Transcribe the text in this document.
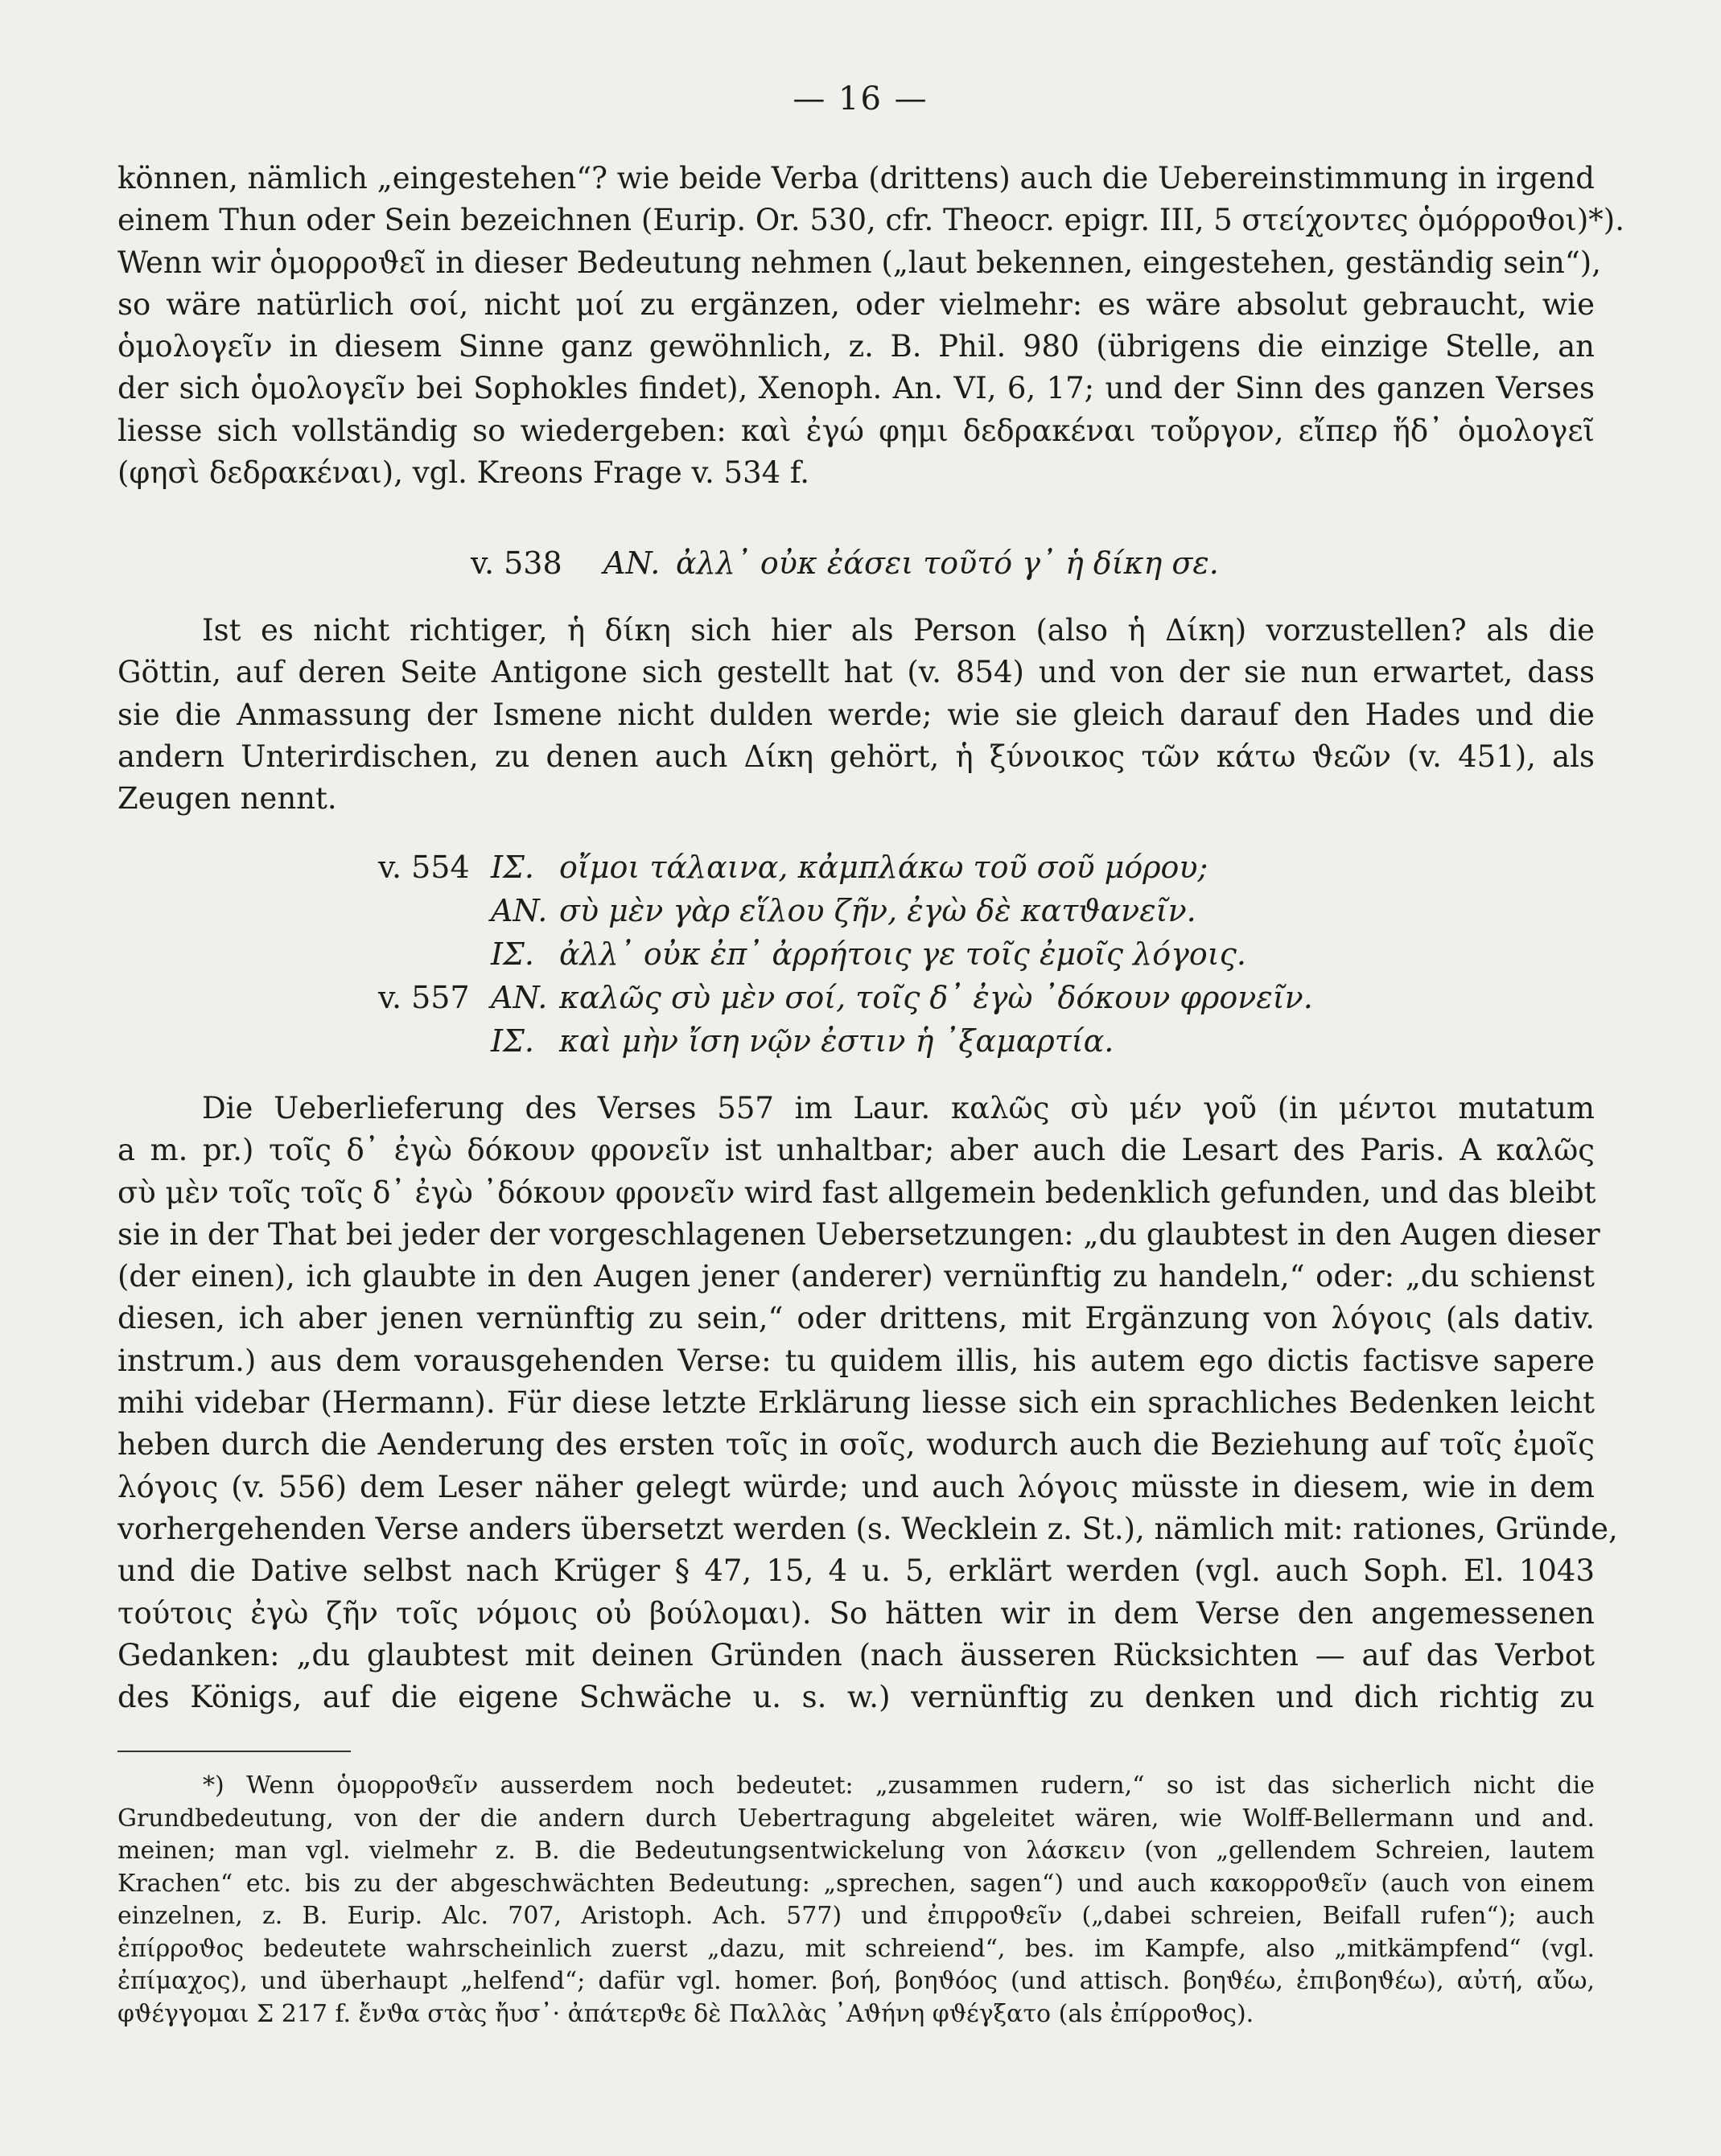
— 16 —

können, nämlich „eingestehen“? wie beide Verba (drittens) auch die Uebereinstimmung in irgend
einem Thun oder Sein bezeichnen (Eurip. Or. 530, cfr. Theocr. epigr. III, 5 στείχοντες ὁμόρροϑοι)*).
Wenn wir ὁμορροϑεῖ in dieser Bedeutung nehmen („laut bekennen, eingestehen, geständig sein“),
so wäre natürlich σοί, nicht μοί zu ergänzen, oder vielmehr: es wäre absolut gebraucht, wie
ὁμολογεῖν in diesem Sinne ganz gewöhnlich, z. B. Phil. 980 (übrigens die einzige Stelle, an
der sich ὁμολογεῖν bei Sophokles findet), Xenoph. An. VI, 6, 17; und der Sinn des ganzen Verses
liesse sich vollständig so wiedergeben: καὶ ἐγώ φημι δεδρακέναι τοὔργον, εἴπερ ἥδ᾽ ὁμολογεῖ
(φησὶ δεδρακέναι), vgl. Kreons Frage v. 534 f.

v. 538 AN. ἀλλ᾽ οὐκ ἐάσει τοῦτό γ᾽ ἡ δίκη σε.

Ist es nicht richtiger, ἡ δίκη sich hier als Person (also ἡ Δίκη) vorzustellen? als die
Göttin, auf deren Seite Antigone sich gestellt hat (v. 854) und von der sie nun erwartet, dass
sie die Anmassung der Ismene nicht dulden werde; wie sie gleich darauf den Hades und die
andern Unterirdischen, zu denen auch Δίκη gehört, ἡ ξύνοικος τῶν κάτω ϑεῶν (v. 451), als
Zeugen nennt.

v. 554 IΣ. οἴμοι τάλαινα, κἀμπλάκω τοῦ σοῦ μόρου;
AN. σὺ μὲν γὰρ εἵλου ζῆν, ἐγὼ δὲ κατϑανεῖν.
IΣ. ἀλλ᾽ οὐκ ἐπ᾽ ἀρρήτοις γε τοῖς ἐμοῖς λόγοις.
v. 557 AN. καλῶς σὺ μὲν σοί, τοῖς δ᾽ ἐγὼ ᾿δόκουν φρονεῖν.
IΣ. καὶ μὴν ἴση νῷν ἐστιν ἡ ᾿ξαμαρτία.

Die Ueberlieferung des Verses 557 im Laur. καλῶς σὺ μέν γοῦ (in μέντοι mutatum
a m. pr.) τοῖς δ᾽ ἐγὼ δόκουν φρονεῖν ist unhaltbar; aber auch die Lesart des Paris. A καλῶς
σὺ μὲν τοῖς τοῖς δ᾽ ἐγὼ ᾿δόκουν φρονεῖν wird fast allgemein bedenklich gefunden, und das bleibt
sie in der That bei jeder der vorgeschlagenen Uebersetzungen: „du glaubtest in den Augen dieser
(der einen), ich glaubte in den Augen jener (anderer) vernünftig zu handeln,“ oder: „du schienst
diesen, ich aber jenen vernünftig zu sein,“ oder drittens, mit Ergänzung von λόγοις (als dativ.
instrum.) aus dem vorausgehenden Verse: tu quidem illis, his autem ego dictis factisve sapere
mihi videbar (Hermann). Für diese letzte Erklärung liesse sich ein sprachliches Bedenken leicht
heben durch die Aenderung des ersten τοῖς in σοῖς, wodurch auch die Beziehung auf τοῖς ἐμοῖς
λόγοις (v. 556) dem Leser näher gelegt würde; und auch λόγοις müsste in diesem, wie in dem
vorhergehenden Verse anders übersetzt werden (s. Wecklein z. St.), nämlich mit: rationes, Gründe,
und die Dative selbst nach Krüger § 47, 15, 4 u. 5, erklärt werden (vgl. auch Soph. El. 1043
τούτοις ἐγὼ ζῆν τοῖς νόμοις οὐ βούλομαι). So hätten wir in dem Verse den angemessenen
Gedanken: „du glaubtest mit deinen Gründen (nach äusseren Rücksichten — auf das Verbot
des Königs, auf die eigene Schwäche u. s. w.) vernünftig zu denken und dich richtig zu

*) Wenn ὁμορροϑεῖν ausserdem noch bedeutet: „zusammen rudern,“ so ist das sicherlich nicht die
Grundbedeutung, von der die andern durch Uebertragung abgeleitet wären, wie Wolff-Bellermann und and.
meinen; man vgl. vielmehr z. B. die Bedeutungsentwickelung von λάσκειν (von „gellendem Schreien, lautem
Krachen“ etc. bis zu der abgeschwächten Bedeutung: „sprechen, sagen“) und auch κακορροϑεῖν (auch von einem
einzelnen, z. B. Eurip. Alc. 707, Aristoph. Ach. 577) und ἐπιρροϑεῖν („dabei schreien, Beifall rufen“); auch
ἐπίρροϑος bedeutete wahrscheinlich zuerst „dazu, mit schreiend“, bes. im Kampfe, also „mitkämpfend“ (vgl.
ἐπίμαχος), und überhaupt „helfend“; dafür vgl. homer. βοή, βοηϑόος (und attisch. βοηϑέω, ἐπιβοηϑέω), αὐτή, αὔω,
φϑέγγομαι Σ 217 f. ἔνϑα στὰς ἤυσ᾽· ἀπάτερϑε δὲ Παλλὰς ᾿Αϑήνη φϑέγξατο (als ἐπίρροϑος).
